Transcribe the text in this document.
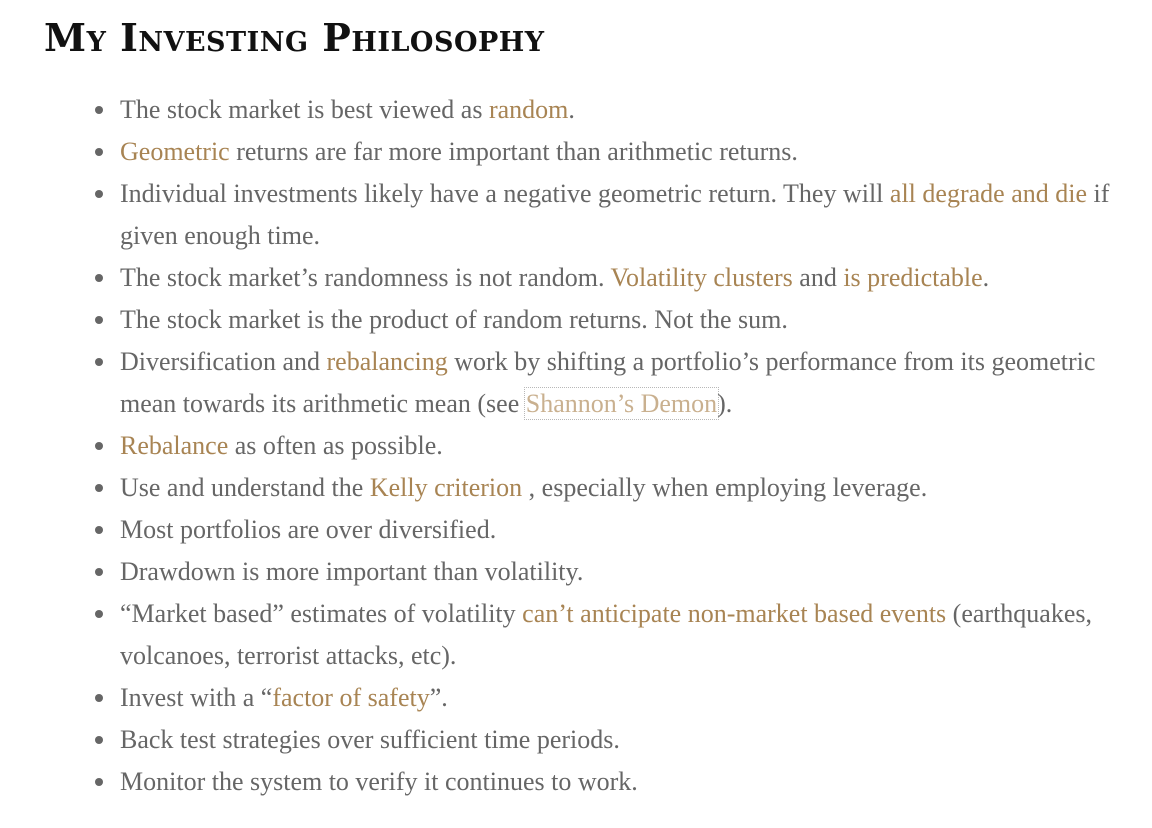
My Investing Philosophy
The stock market is best viewed as random.
Geometric returns are far more important than arithmetic returns.
Individual investments likely have a negative geometric return. They will all degrade and die if given enough time.
The stock market’s randomness is not random. Volatility clusters and is predictable.
The stock market is the product of random returns. Not the sum.
Diversification and rebalancing work by shifting a portfolio’s performance from its geometric mean towards its arithmetic mean (see Shannon’s Demon).
Rebalance as often as possible.
Use and understand the Kelly criterion , especially when employing leverage.
Most portfolios are over diversified.
Drawdown is more important than volatility.
“Market based” estimates of volatility can’t anticipate non-market based events (earthquakes, volcanoes, terrorist attacks, etc).
Invest with a “factor of safety”.
Back test strategies over sufficient time periods.
Monitor the system to verify it continues to work.
